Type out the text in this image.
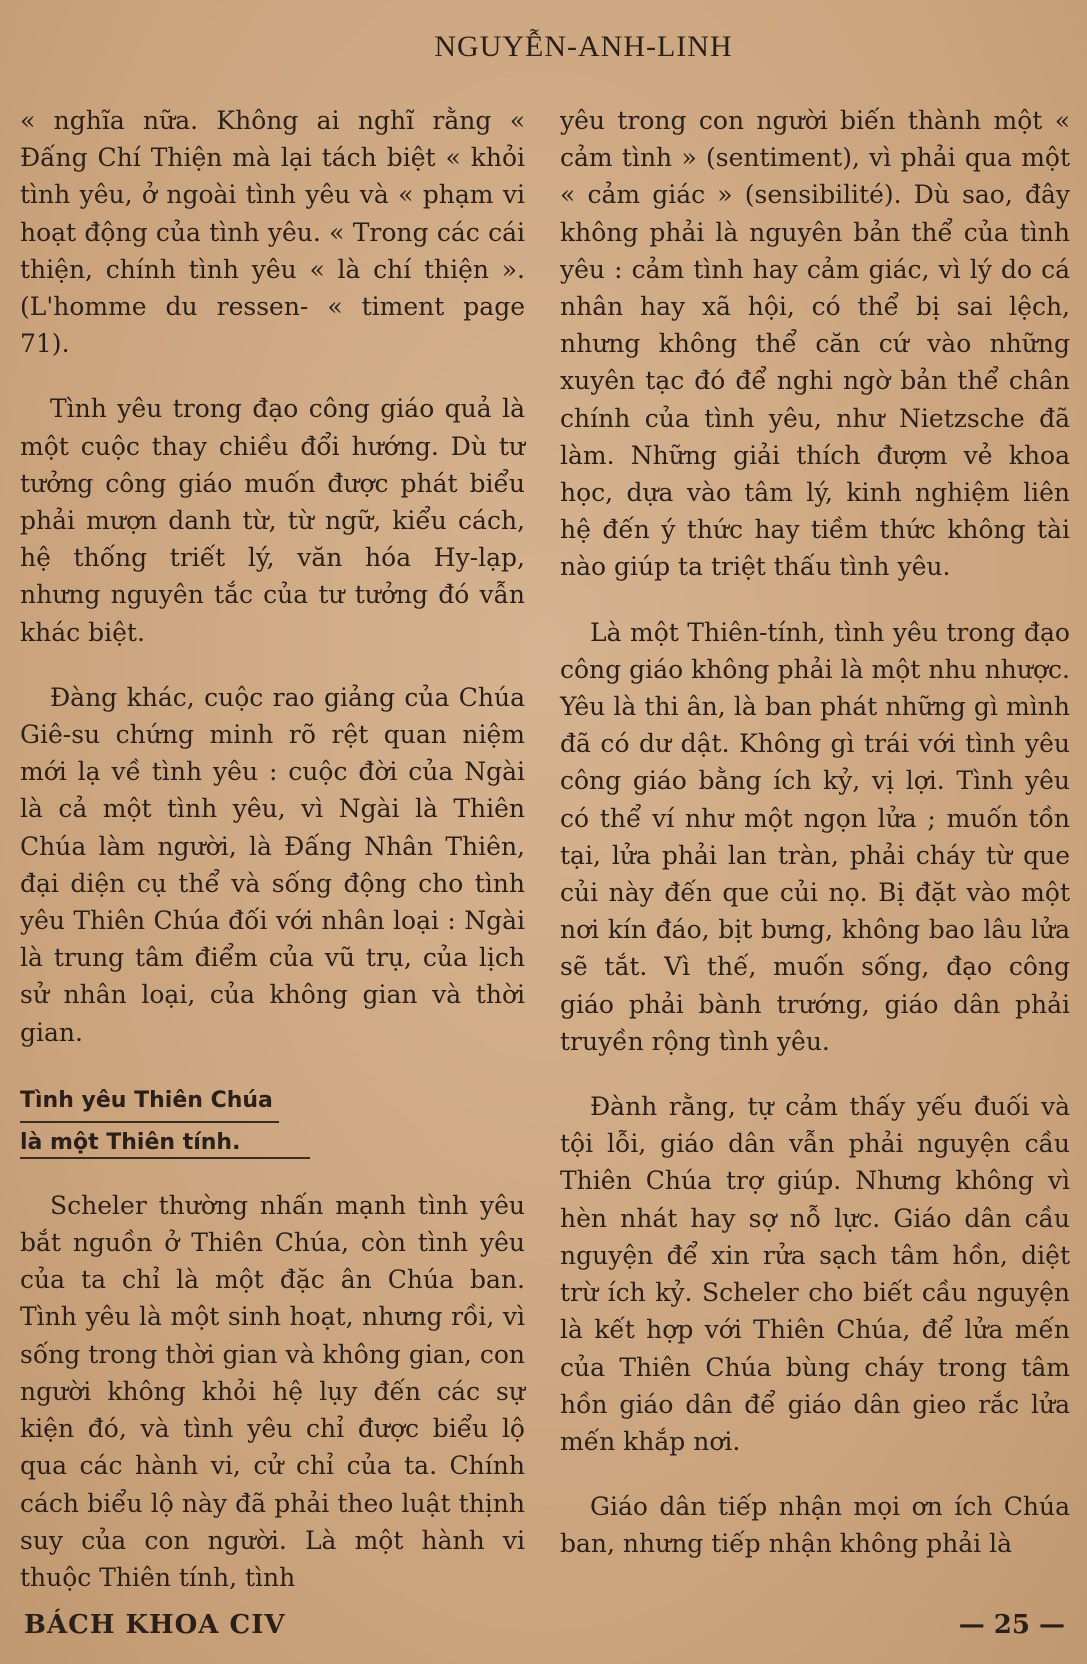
NGUYỄN-ANH-LINH

« nghĩa nữa. Không ai nghĩ rằng « Đấng Chí Thiện mà lại tách biệt « khỏi tình yêu, ở ngoài tình yêu và « phạm vi hoạt động của tình yêu. « Trong các cái thiện, chính tình yêu « là chí thiện ». (L'homme du ressen- « timent page 71).

Tình yêu trong đạo công giáo quả là một cuộc thay chiều đổi hướng. Dù tư tưởng công giáo muốn được phát biểu phải mượn danh từ, từ ngữ, kiểu cách, hệ thống triết lý, văn hóa Hy-lạp, nhưng nguyên tắc của tư tưởng đó vẫn khác biệt.

Đàng khác, cuộc rao giảng của Chúa Giê-su chứng minh rõ rệt quan niệm mới lạ về tình yêu : cuộc đời của Ngài là cả một tình yêu, vì Ngài là Thiên Chúa làm người, là Đấng Nhân Thiên, đại diện cụ thể và sống động cho tình yêu Thiên Chúa đối với nhân loại : Ngài là trung tâm điểm của vũ trụ, của lịch sử nhân loại, của không gian và thời gian.

Tình yêu Thiên Chúa
là một Thiên tính.

Scheler thường nhấn mạnh tình yêu bắt nguồn ở Thiên Chúa, còn tình yêu của ta chỉ là một đặc ân Chúa ban. Tình yêu là một sinh hoạt, nhưng rồi, vì sống trong thời gian và không gian, con người không khỏi hệ lụy đến các sự kiện đó, và tình yêu chỉ được biểu lộ qua các hành vi, cử chỉ của ta. Chính cách biểu lộ này đã phải theo luật thịnh suy của con người. Là một hành vi thuộc Thiên tính, tình

yêu trong con người biến thành một « cảm tình » (sentiment), vì phải qua một « cảm giác » (sensibilité). Dù sao, đây không phải là nguyên bản thể của tình yêu : cảm tình hay cảm giác, vì lý do cá nhân hay xã hội, có thể bị sai lệch, nhưng không thể căn cứ vào những xuyên tạc đó để nghi ngờ bản thể chân chính của tình yêu, như Nietzsche đã làm. Những giải thích đượm vẻ khoa học, dựa vào tâm lý, kinh nghiệm liên hệ đến ý thức hay tiềm thức không tài nào giúp ta triệt thấu tình yêu.

Là một Thiên-tính, tình yêu trong đạo công giáo không phải là một nhu nhược. Yêu là thi ân, là ban phát những gì mình đã có dư dật. Không gì trái với tình yêu công giáo bằng ích kỷ, vị lợi. Tình yêu có thể ví như một ngọn lửa ; muốn tồn tại, lửa phải lan tràn, phải cháy từ que củi này đến que củi nọ. Bị đặt vào một nơi kín đáo, bịt bưng, không bao lâu lửa sẽ tắt. Vì thế, muốn sống, đạo công giáo phải bành trướng, giáo dân phải truyền rộng tình yêu.

Đành rằng, tự cảm thấy yếu đuối và tội lỗi, giáo dân vẫn phải nguyện cầu Thiên Chúa trợ giúp. Nhưng không vì hèn nhát hay sợ nỗ lực. Giáo dân cầu nguyện để xin rửa sạch tâm hồn, diệt trừ ích kỷ. Scheler cho biết cầu nguyện là kết hợp với Thiên Chúa, để lửa mến của Thiên Chúa bùng cháy trong tâm hồn giáo dân để giáo dân gieo rắc lửa mến khắp nơi.

Giáo dân tiếp nhận mọi ơn ích Chúa ban, nhưng tiếp nhận không phải là

BÁCH KHOA CIV	— 25 —
